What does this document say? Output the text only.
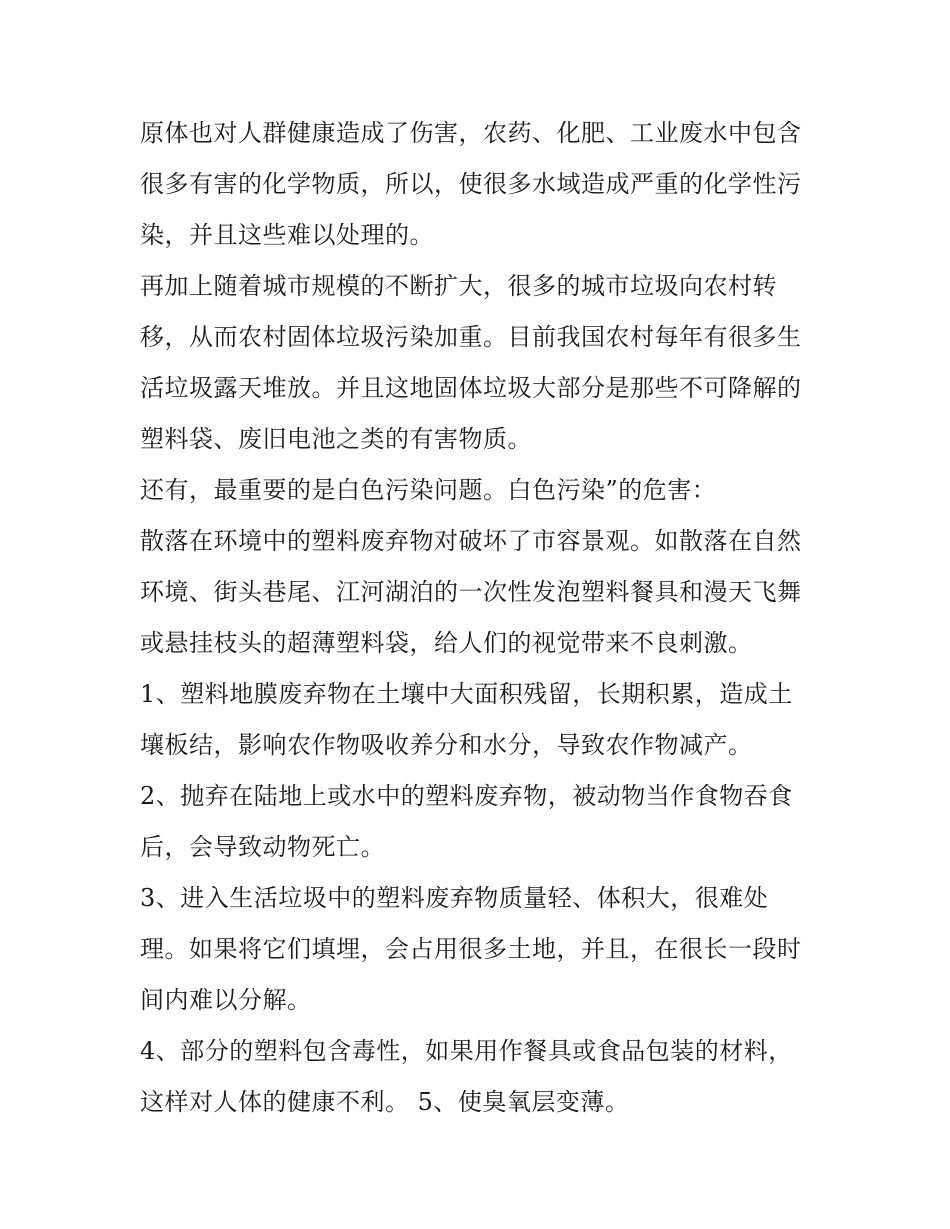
原体也对人群健康造成了伤害，农药、化肥、工业废水中包含
很多有害的化学物质，所以，使很多水域造成严重的化学性污
染，并且这些难以处理的。
再加上随着城市规模的不断扩大，很多的城市垃圾向农村转
移，从而农村固体垃圾污染加重。目前我国农村每年有很多生
活垃圾露天堆放。并且这地固体垃圾大部分是那些不可降解的
塑料袋、废旧电池之类的有害物质。
还有，最重要的是白色污染问题。白色污染”的危害：
散落在环境中的塑料废弃物对破坏了市容景观。如散落在自然
环境、街头巷尾、江河湖泊的一次性发泡塑料餐具和漫天飞舞
或悬挂枝头的超薄塑料袋，给人们的视觉带来不良刺激。
1、塑料地膜废弃物在土壤中大面积残留，长期积累，造成土
壤板结，影响农作物吸收养分和水分，导致农作物减产。
2、抛弃在陆地上或水中的塑料废弃物，被动物当作食物吞食
后，会导致动物死亡。
3、进入生活垃圾中的塑料废弃物质量轻、体积大，很难处
理。如果将它们填埋，会占用很多土地，并且，在很长一段时
间内难以分解。
4、部分的塑料包含毒性，如果用作餐具或食品包装的材料，
这样对人体的健康不利。 5、使臭氧层变薄。
